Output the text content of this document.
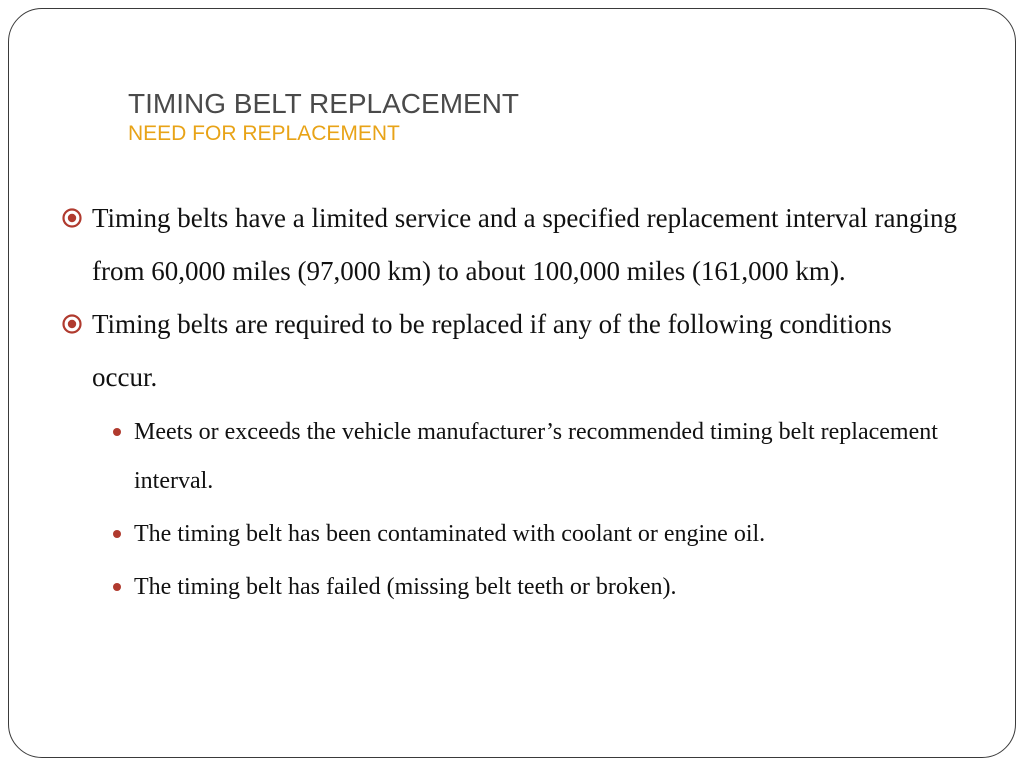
TIMING BELT REPLACEMENT
NEED FOR REPLACEMENT

Timing belts have a limited service and a specified replacement interval ranging from 60,000 miles (97,000 km) to about 100,000 miles (161,000 km).

Timing belts are required to be replaced if any of the following conditions occur.

Meets or exceeds the vehicle manufacturer’s recommended timing belt replacement interval.

The timing belt has been contaminated with coolant or engine oil.

The timing belt has failed (missing belt teeth or broken).
